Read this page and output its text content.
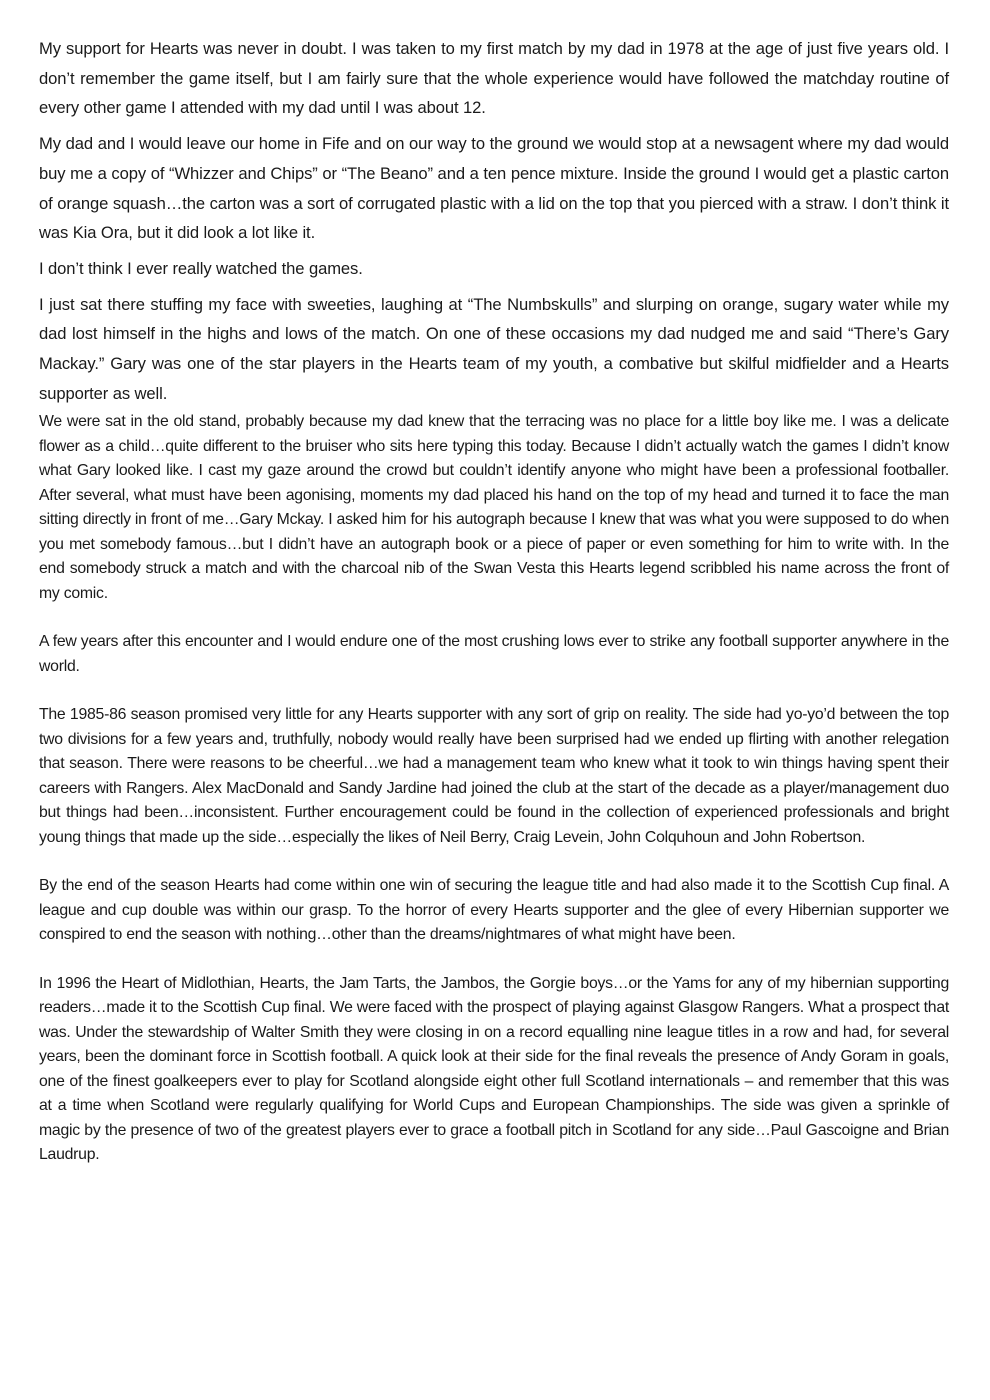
My support for Hearts was never in doubt. I was taken to my first match by my dad in 1978 at the age of just five years old. I don’t remember the game itself, but I am fairly sure that the whole experience would have followed the matchday routine of every other game I attended with my dad until I was about 12.

My dad and I would leave our home in Fife and on our way to the ground we would stop at a newsagent where my dad would buy me a copy of “Whizzer and Chips” or “The Beano” and a ten pence mixture. Inside the ground I would get a plastic carton of orange squash…the carton was a sort of corrugated plastic with a lid on the top that you pierced with a straw. I don’t think it was Kia Ora, but it did look a lot like it.

I don’t think I ever really watched the games.

I just sat there stuffing my face with sweeties, laughing at “The Numbskulls” and slurping on orange, sugary water while my dad lost himself in the highs and lows of the match. On one of these occasions my dad nudged me and said “There’s Gary Mackay.” Gary was one of the star players in the Hearts team of my youth, a combative but skilful midfielder and a Hearts supporter as well.

We were sat in the old stand, probably because my dad knew that the terracing was no place for a little boy like me. I was a delicate flower as a child…quite different to the bruiser who sits here typing this today. Because I didn’t actually watch the games I didn’t know what Gary looked like. I cast my gaze around the crowd but couldn’t identify anyone who might have been a professional footballer. After several, what must have been agonising, moments my dad placed his hand on the top of my head and turned it to face the man sitting directly in front of me…Gary Mckay. I asked him for his autograph because I knew that was what you were supposed to do when you met somebody famous…but I didn’t have an autograph book or a piece of paper or even something for him to write with. In the end somebody struck a match and with the charcoal nib of the Swan Vesta this Hearts legend scribbled his name across the front of my comic.

A few years after this encounter and I would endure one of the most crushing lows ever to strike any football supporter anywhere in the world.

The 1985-86 season promised very little for any Hearts supporter with any sort of grip on reality. The side had yo-yo’d between the top two divisions for a few years and, truthfully, nobody would really have been surprised had we ended up flirting with another relegation that season. There were reasons to be cheerful…we had a management team who knew what it took to win things having spent their careers with Rangers. Alex MacDonald and Sandy Jardine had joined the club at the start of the decade as a player/management duo but things had been…inconsistent. Further encouragement could be found in the collection of experienced professionals and bright young things that made up the side…especially the likes of Neil Berry, Craig Levein, John Colquhoun and John Robertson.

By the end of the season Hearts had come within one win of securing the league title and had also made it to the Scottish Cup final. A league and cup double was within our grasp. To the horror of every Hearts supporter and the glee of every Hibernian supporter we conspired to end the season with nothing…other than the dreams/nightmares of what might have been.

In 1996 the Heart of Midlothian, Hearts, the Jam Tarts, the Jambos, the Gorgie boys…or the Yams for any of my hibernian supporting readers…made it to the Scottish Cup final. We were faced with the prospect of playing against Glasgow Rangers. What a prospect that was. Under the stewardship of Walter Smith they were closing in on a record equalling nine league titles in a row and had, for several years, been the dominant force in Scottish football. A quick look at their side for the final reveals the presence of Andy Goram in goals, one of the finest goalkeepers ever to play for Scotland alongside eight other full Scotland internationals – and remember that this was at a time when Scotland were regularly qualifying for World Cups and European Championships. The side was given a sprinkle of magic by the presence of two of the greatest players ever to grace a football pitch in Scotland for any side…Paul Gascoigne and Brian Laudrup.
